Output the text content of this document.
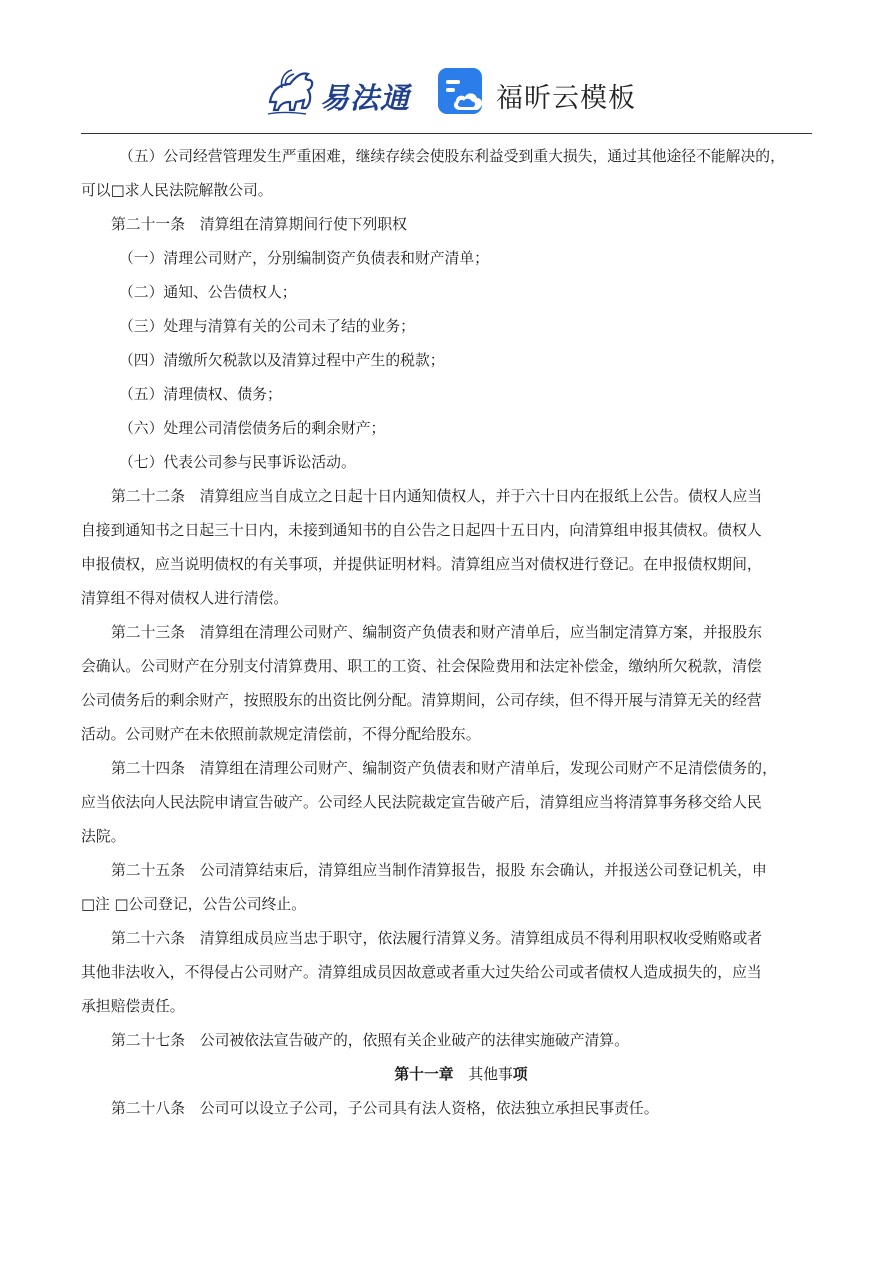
易法通	福昕云模板
（五）公司经营管理发生严重困难，继续存续会使股东利益受到重大损失，通过其他途径不能解决的，
可以□求人民法院解散公司。
第二十一条　清算组在清算期间行使下列职权
（一）清理公司财产，分别编制资产负债表和财产清单；
（二）通知、公告债权人；
（三）处理与清算有关的公司未了结的业务；
（四）清缴所欠税款以及清算过程中产生的税款；
（五）清理债权、债务；
（六）处理公司清偿债务后的剩余财产；
（七）代表公司参与民事诉讼活动。
第二十二条　清算组应当自成立之日起十日内通知债权人，并于六十日内在报纸上公告。债权人应当
自接到通知书之日起三十日内，未接到通知书的自公告之日起四十五日内，向清算组申报其债权。债权人
申报债权，应当说明债权的有关事项，并提供证明材料。清算组应当对债权进行登记。在申报债权期间，
清算组不得对债权人进行清偿。
第二十三条　清算组在清理公司财产、编制资产负债表和财产清单后，应当制定清算方案，并报股东
会确认。公司财产在分别支付清算费用、职工的工资、社会保险费用和法定补偿金，缴纳所欠税款，清偿
公司债务后的剩余财产，按照股东的出资比例分配。清算期间，公司存续，但不得开展与清算无关的经营
活动。公司财产在未依照前款规定清偿前，不得分配给股东。
第二十四条　清算组在清理公司财产、编制资产负债表和财产清单后，发现公司财产不足清偿债务的，
应当依法向人民法院申请宣告破产。公司经人民法院裁定宣告破产后，清算组应当将清算事务移交给人民
法院。
第二十五条　公司清算结束后，清算组应当制作清算报告，报股 东会确认，并报送公司登记机关，申
□注 □公司登记，公告公司终止。
第二十六条　清算组成员应当忠于职守，依法履行清算义务。清算组成员不得利用职权收受贿赂或者
其他非法收入，不得侵占公司财产。清算组成员因故意或者重大过失给公司或者债权人造成损失的，应当
承担赔偿责任。
第二十七条　公司被依法宣告破产的，依照有关企业破产的法律实施破产清算。
第十一章　 其他事项
第二十八条　公司可以设立子公司，子公司具有法人资格，依法独立承担民事责任。
